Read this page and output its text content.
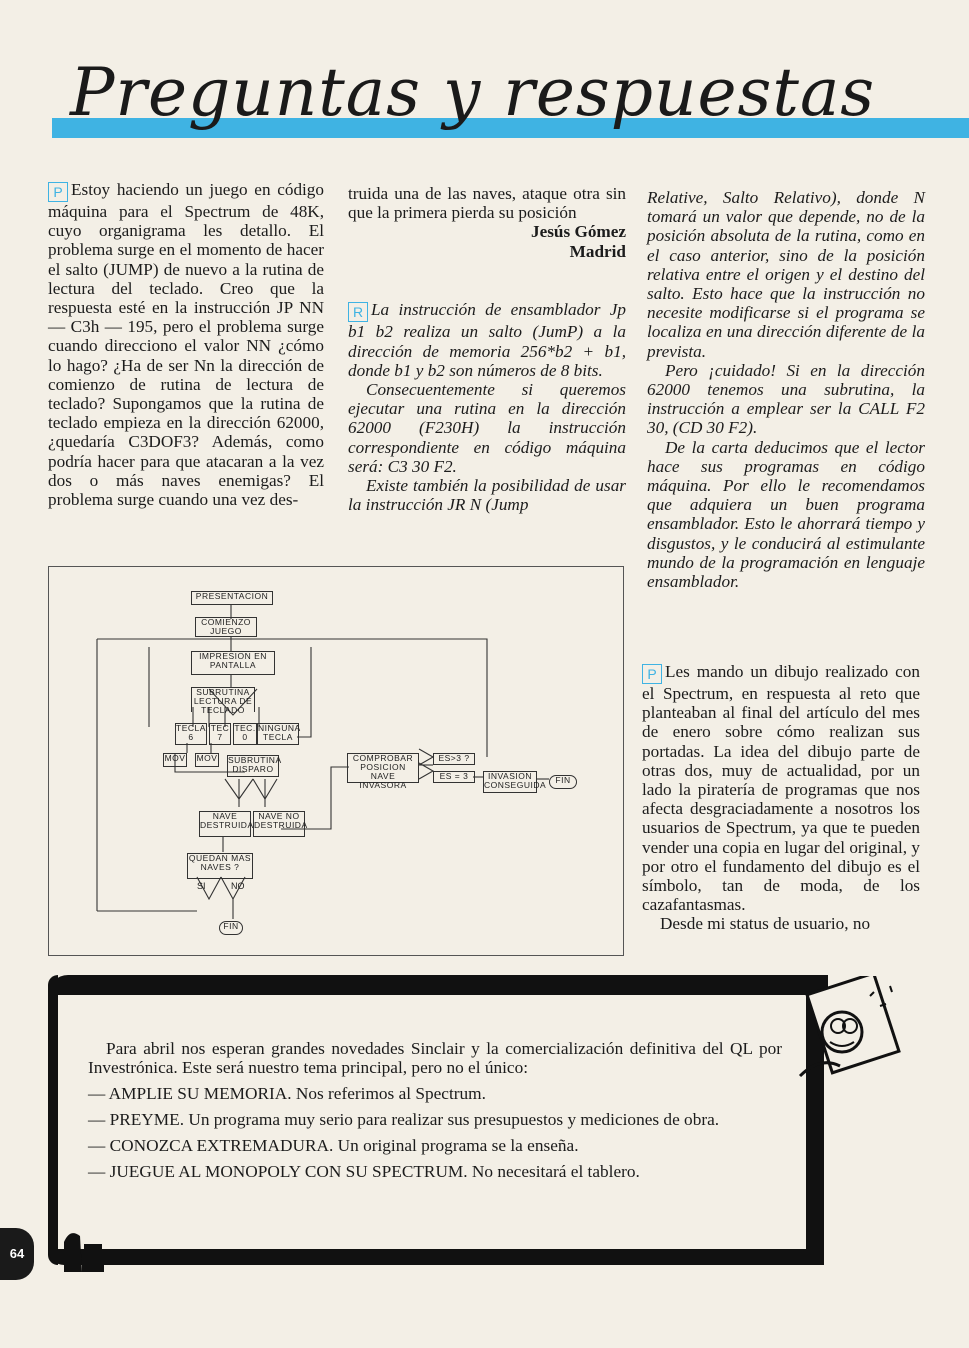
Preguntas y respuestas

P Estoy haciendo un juego en código máquina para el Spectrum de 48K, cuyo organigrama les detallo. El problema surge en el momento de hacer el salto (JUMP) de nuevo a la rutina de lectura del teclado. Creo que la respuesta esté en la instrucción JP NN — C3h — 195, pero el problema surge cuando direcciono el valor NN ¿cómo lo hago? ¿Ha de ser Nn la dirección de comienzo de rutina de lectura de teclado? Supongamos que la rutina de teclado empieza en la dirección 62000, ¿quedaría C3DOF3? Además, como podría hacer para que atacaran a la vez dos o más naves enemigas? El problema surge cuando una vez des-

truida una de las naves, ataque otra sin que la primera pierda su posición

Jesús Gómez
Madrid

R La instrucción de ensamblador Jp b1 b2 realiza un salto (JumP) a la dirección de memoria 256*b2 + b1, donde b1 y b2 son números de 8 bits.

Consecuentemente si queremos ejecutar una rutina en la dirección 62000 (F230H) la instrucción correspondiente en código máquina será: C3 30 F2.

Existe también la posibilidad de usar la instrucción JR N (Jump

Relative, Salto Relativo), donde N tomará un valor que depende, no de la posición absoluta de la rutina, como en el caso anterior, sino de la posición relativa entre el origen y el destino del salto. Esto hace que la instrucción no necesite modificarse si el programa se localiza en una dirección diferente de la prevista.

Pero ¡cuidado! Si en la dirección 62000 tenemos una subrutina, la instrucción a emplear ser la CALL F2 30, (CD 30 F2).

De la carta deducimos que el lector hace sus programas en código máquina. Por ello le recomendamos que adquiera un buen programa ensamblador. Esto le ahorrará tiempo y disgustos, y le conducirá al estimulante mundo de la programación en lenguaje ensamblador.

P Les mando un dibujo realizado con el Spectrum, en respuesta al reto que planteaban al final del artículo del mes de enero sobre cómo realizan sus portadas. La idea del dibujo parte de otras dos, muy de actualidad, por un lado la piratería de programas que nos afecta desgraciadamente a nosotros los usuarios de Spectrum, ya que te pueden vender una copia en lugar del original, y por otro el fundamento del dibujo es el símbolo, tan de moda, de los cazafantasmas.

Desde mi status de usuario, no

PRESENTACION
COMIENZO JUEGO
IMPRESION EN PANTALLA
SUBRUTINA LECTURA DE TECLADO
TECLA 6
TEC 7
TEC. 0
NINGUNA TECLA
MOV MOV SUBRUTINA DISPARO
NAVE DESTRUIDA
NAVE NO DESTRUIDA
QUEDAN MAS NAVES ?
SI	NO
FIN
COMPROBAR POSICION NAVE INVASORA
ES>3 ?
ES = 3	INVASION CONSEGUIDA	FIN

Para abril nos esperan grandes novedades Sinclair y la comercialización definitiva del QL por Investrónica. Este será nuestro tema principal, pero no el único:

— AMPLIE SU MEMORIA. Nos referimos al Spectrum.

— PREYME. Un programa muy serio para realizar sus presupuestos y mediciones de obra.

— CONOZCA EXTREMADURA. Un original programa se la enseña.

— JUEGUE AL MONOPOLY CON SU SPECTRUM. No necesitará el tablero.

64
